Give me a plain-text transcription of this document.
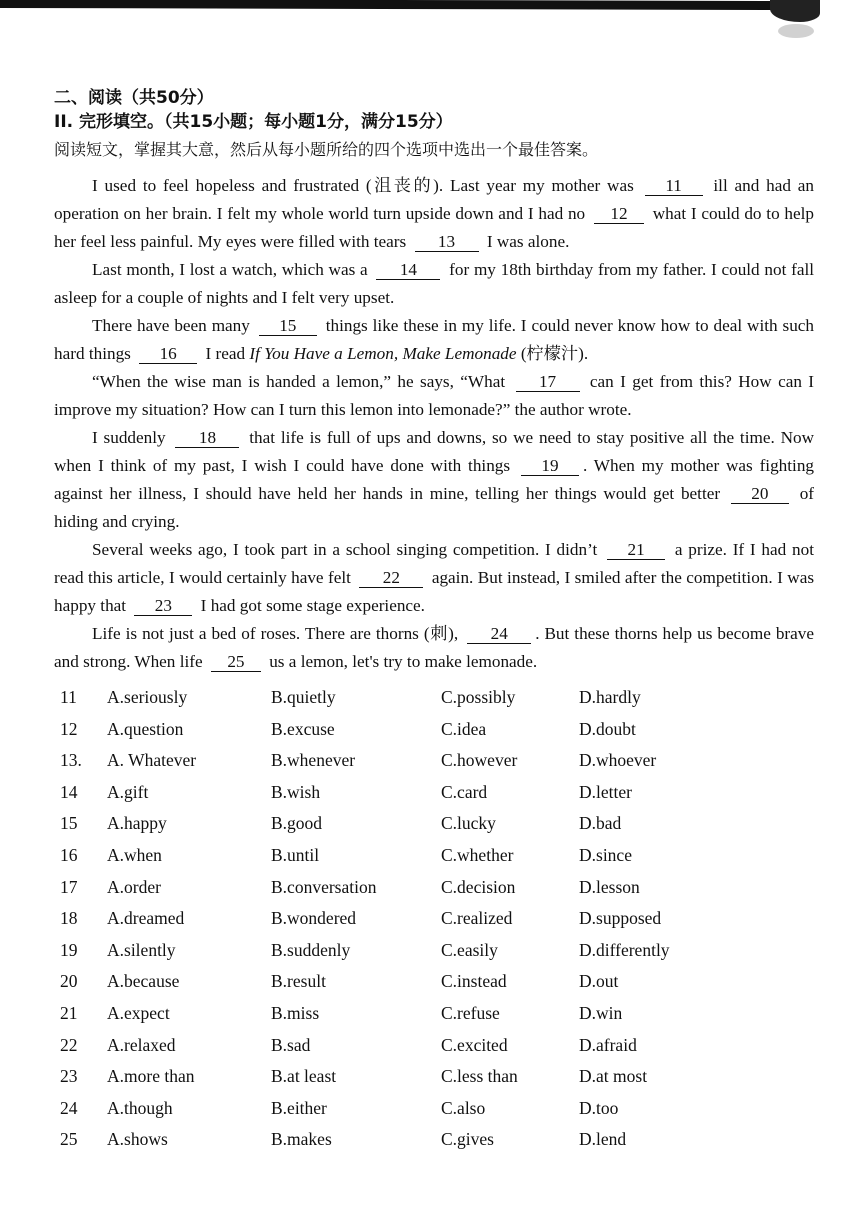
二、阅读（共50分）
II. 完形填空。（共15小题；每小题1分，满分15分）
阅读短文，掌握其大意，然后从每小题所给的四个选项中选出一个最佳答案。

I used to feel hopeless and frustrated (沮丧的). Last year my mother was 11 ill and had an operation on her brain. I felt my whole world turn upside down and I had no 12 what I could do to help her feel less painful. My eyes were filled with tears 13 I was alone.

Last month, I lost a watch, which was a 14 for my 18th birthday from my father. I could not fall asleep for a couple of nights and I felt very upset.

There have been many 15 things like these in my life. I could never know how to deal with such hard things 16 I read If You Have a Lemon, Make Lemonade (柠檬汁).

“When the wise man is handed a lemon,” he says, “What 17 can I get from this? How can I improve my situation? How can I turn this lemon into lemonade?” the author wrote.

I suddenly 18 that life is full of ups and downs, so we need to stay positive all the time. Now when I think of my past, I wish I could have done with things 19 . When my mother was fighting against her illness, I should have held her hands in mine, telling her things would get better 20 of hiding and crying.

Several weeks ago, I took part in a school singing competition. I didn’t 21 a prize. If I had not read this article, I would certainly have felt 22 again. But instead, I smiled after the competition. I was happy that 23 I had got some stage experience.

Life is not just a bed of roses. There are thorns (刺), 24 . But these thorns help us become brave and strong. When life 25 us a lemon, let's try to make lemonade.

11	A.seriously	B.quietly	C.possibly	D.hardly
12	A.question	B.excuse	C.idea	D.doubt
13.	A. Whatever	B.whenever	C.however	D.whoever
14	A.gift	B.wish	C.card	D.letter
15	A.happy	B.good	C.lucky	D.bad
16	A.when	B.until	C.whether	D.since
17	A.order	B.conversation	C.decision	D.lesson
18	A.dreamed	B.wondered	C.realized	D.supposed
19	A.silently	B.suddenly	C.easily	D.differently
20	A.because	B.result	C.instead	D.out
21	A.expect	B.miss	C.refuse	D.win
22	A.relaxed	B.sad	C.excited	D.afraid
23	A.more than	B.at least	C.less than	D.at most
24	A.though	B.either	C.also	D.too
25	A.shows	B.makes	C.gives	D.lend
